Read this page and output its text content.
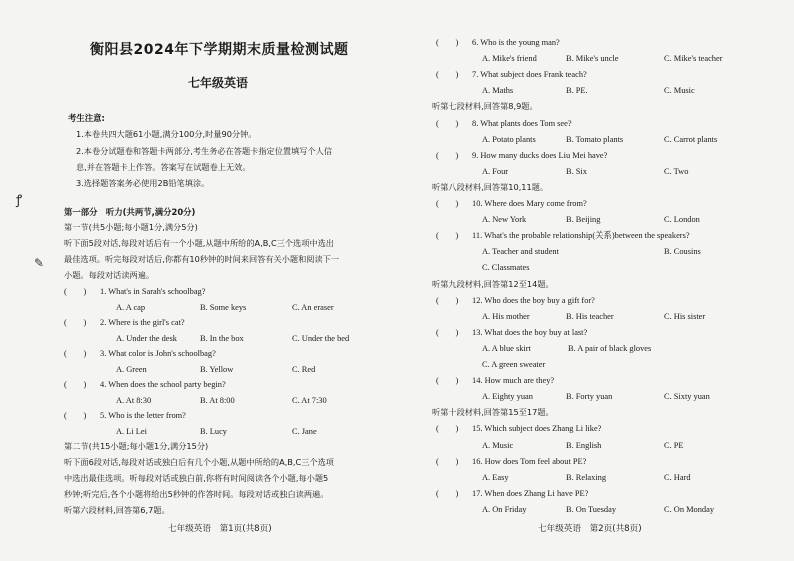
衡阳县2024年下学期期末质量检测试题
七年级英语
考生注意:
1.本卷共四大题61小题,满分100分,时量90分钟。
2.本卷分试题卷和答题卡两部分,考生务必在答题卡指定位置填写个人信
息,并在答题卡上作答。答案写在试题卷上无效。
3.选择题答案务必使用2B铅笔填涂。
第一部分　听力(共两节,满分20分)
第一节(共5小题;每小题1分,满分5分)
听下面5段对话,每段对话后有一个小题,从题中所给的A,B,C三个选项中选出
最佳选项。听完每段对话后,你都有10秒钟的时间来回答有关小题和阅读下一
小题。每段对话读两遍。
(　　) 1. What's in Sarah's schoolbag?
A. A cap	B. Some keys	C. An eraser
(　　) 2. Where is the girl's cat?
A. Under the desk	B. In the box	C. Under the bed
(　　) 3. What color is John's schoolbag?
A. Green	B. Yellow	C. Red
(　　) 4. When does the school party begin?
A. At 8:30	B. At 8:00	C. At 7:30
(　　) 5. Who is the letter from?
A. Li Lei	B. Lucy	C. Jane
第二节(共15小题;每小题1分,满分15分)
听下面6段对话,每段对话或独白后有几个小题,从题中所给的A,B,C三个选项
中选出最佳选项。听每段对话或独白前,你将有时间阅读各个小题,每小题5
秒钟;听完后,各个小题将给出5秒钟的作答时间。每段对话或独白读两遍。
听第六段材料,回答第6,7题。
七年级英语　第1页(共8页)
(　　) 6. Who is the young man?
A. Mike's friend	B. Mike's uncle	C. Mike's teacher
(　　) 7. What subject does Frank teach?
A. Maths	B. PE.	C. Music
听第七段材料,回答第8,9题。
(　　) 8. What plants does Tom see?
A. Potato plants	B. Tomato plants	C. Carrot plants
(　　) 9. How many ducks does Liu Mei have?
A. Four	B. Six	C. Two
听第八段材料,回答第10,11题。
(　　) 10. Where does Mary come from?
A. New York	B. Beijing	C. London
(　　) 11. What's the probable relationship(关系)between the speakers?
A. Teacher and student	B. Cousins
C. Classmates
听第九段材料,回答第12至14题。
(　　) 12. Who does the boy buy a gift for?
A. His mother	B. His teacher	C. His sister
(　　) 13. What does the boy buy at last?
A. A blue skirt	B. A pair of black gloves
C. A green sweater
(　　) 14. How much are they?
A. Eighty yuan	B. Forty yuan	C. Sixty yuan
听第十段材料,回答第15至17题。
(　　) 15. Which subject does Zhang Li like?
A. Music	B. English	C. PE
(　　) 16. How does Tom feel about PE?
A. Easy	B. Relaxing	C. Hard
(　　) 17. When does Zhang Li have PE?
A. On Friday	B. On Tuesday	C. On Monday
七年级英语　第2页(共8页)
ꝭ
✎
